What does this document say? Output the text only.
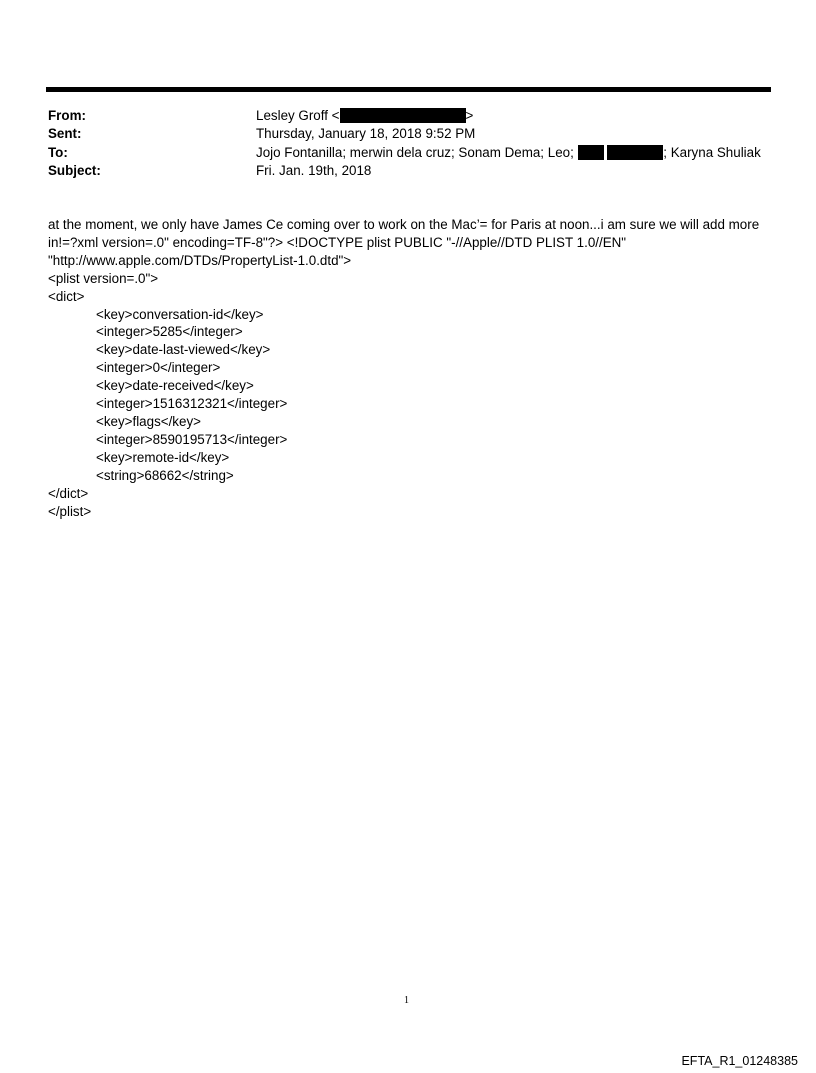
From:	Lesley Groff <	>
Sent:	Thursday, January 18, 2018 9:52 PM
To:	Jojo Fontanilla; merwin dela cruz; Sonam Dema; Leo;	; Karyna Shuliak
Subject:	Fri. Jan. 19th, 2018

at the moment, we only have James Ce coming over to work on the Mac’= for Paris at noon...i am sure we will add more

in!=?xml version=.0" encoding=TF-8"?> <!DOCTYPE plist PUBLIC "-//Apple//DTD PLIST 1.0//EN"

"http://www.apple.com/DTDs/PropertyList-1.0.dtd">

<plist version=.0">

<dict>

<key>conversation-id</key>

<integer>5285</integer>

<key>date-last-viewed</key>

<integer>0</integer>

<key>date-received</key>

<integer>1516312321</integer>

<key>flags</key>

<integer>8590195713</integer>

<key>remote-id</key>

<string>68662</string>

</dict>

</plist>

1
EFTA_R1_01248385
